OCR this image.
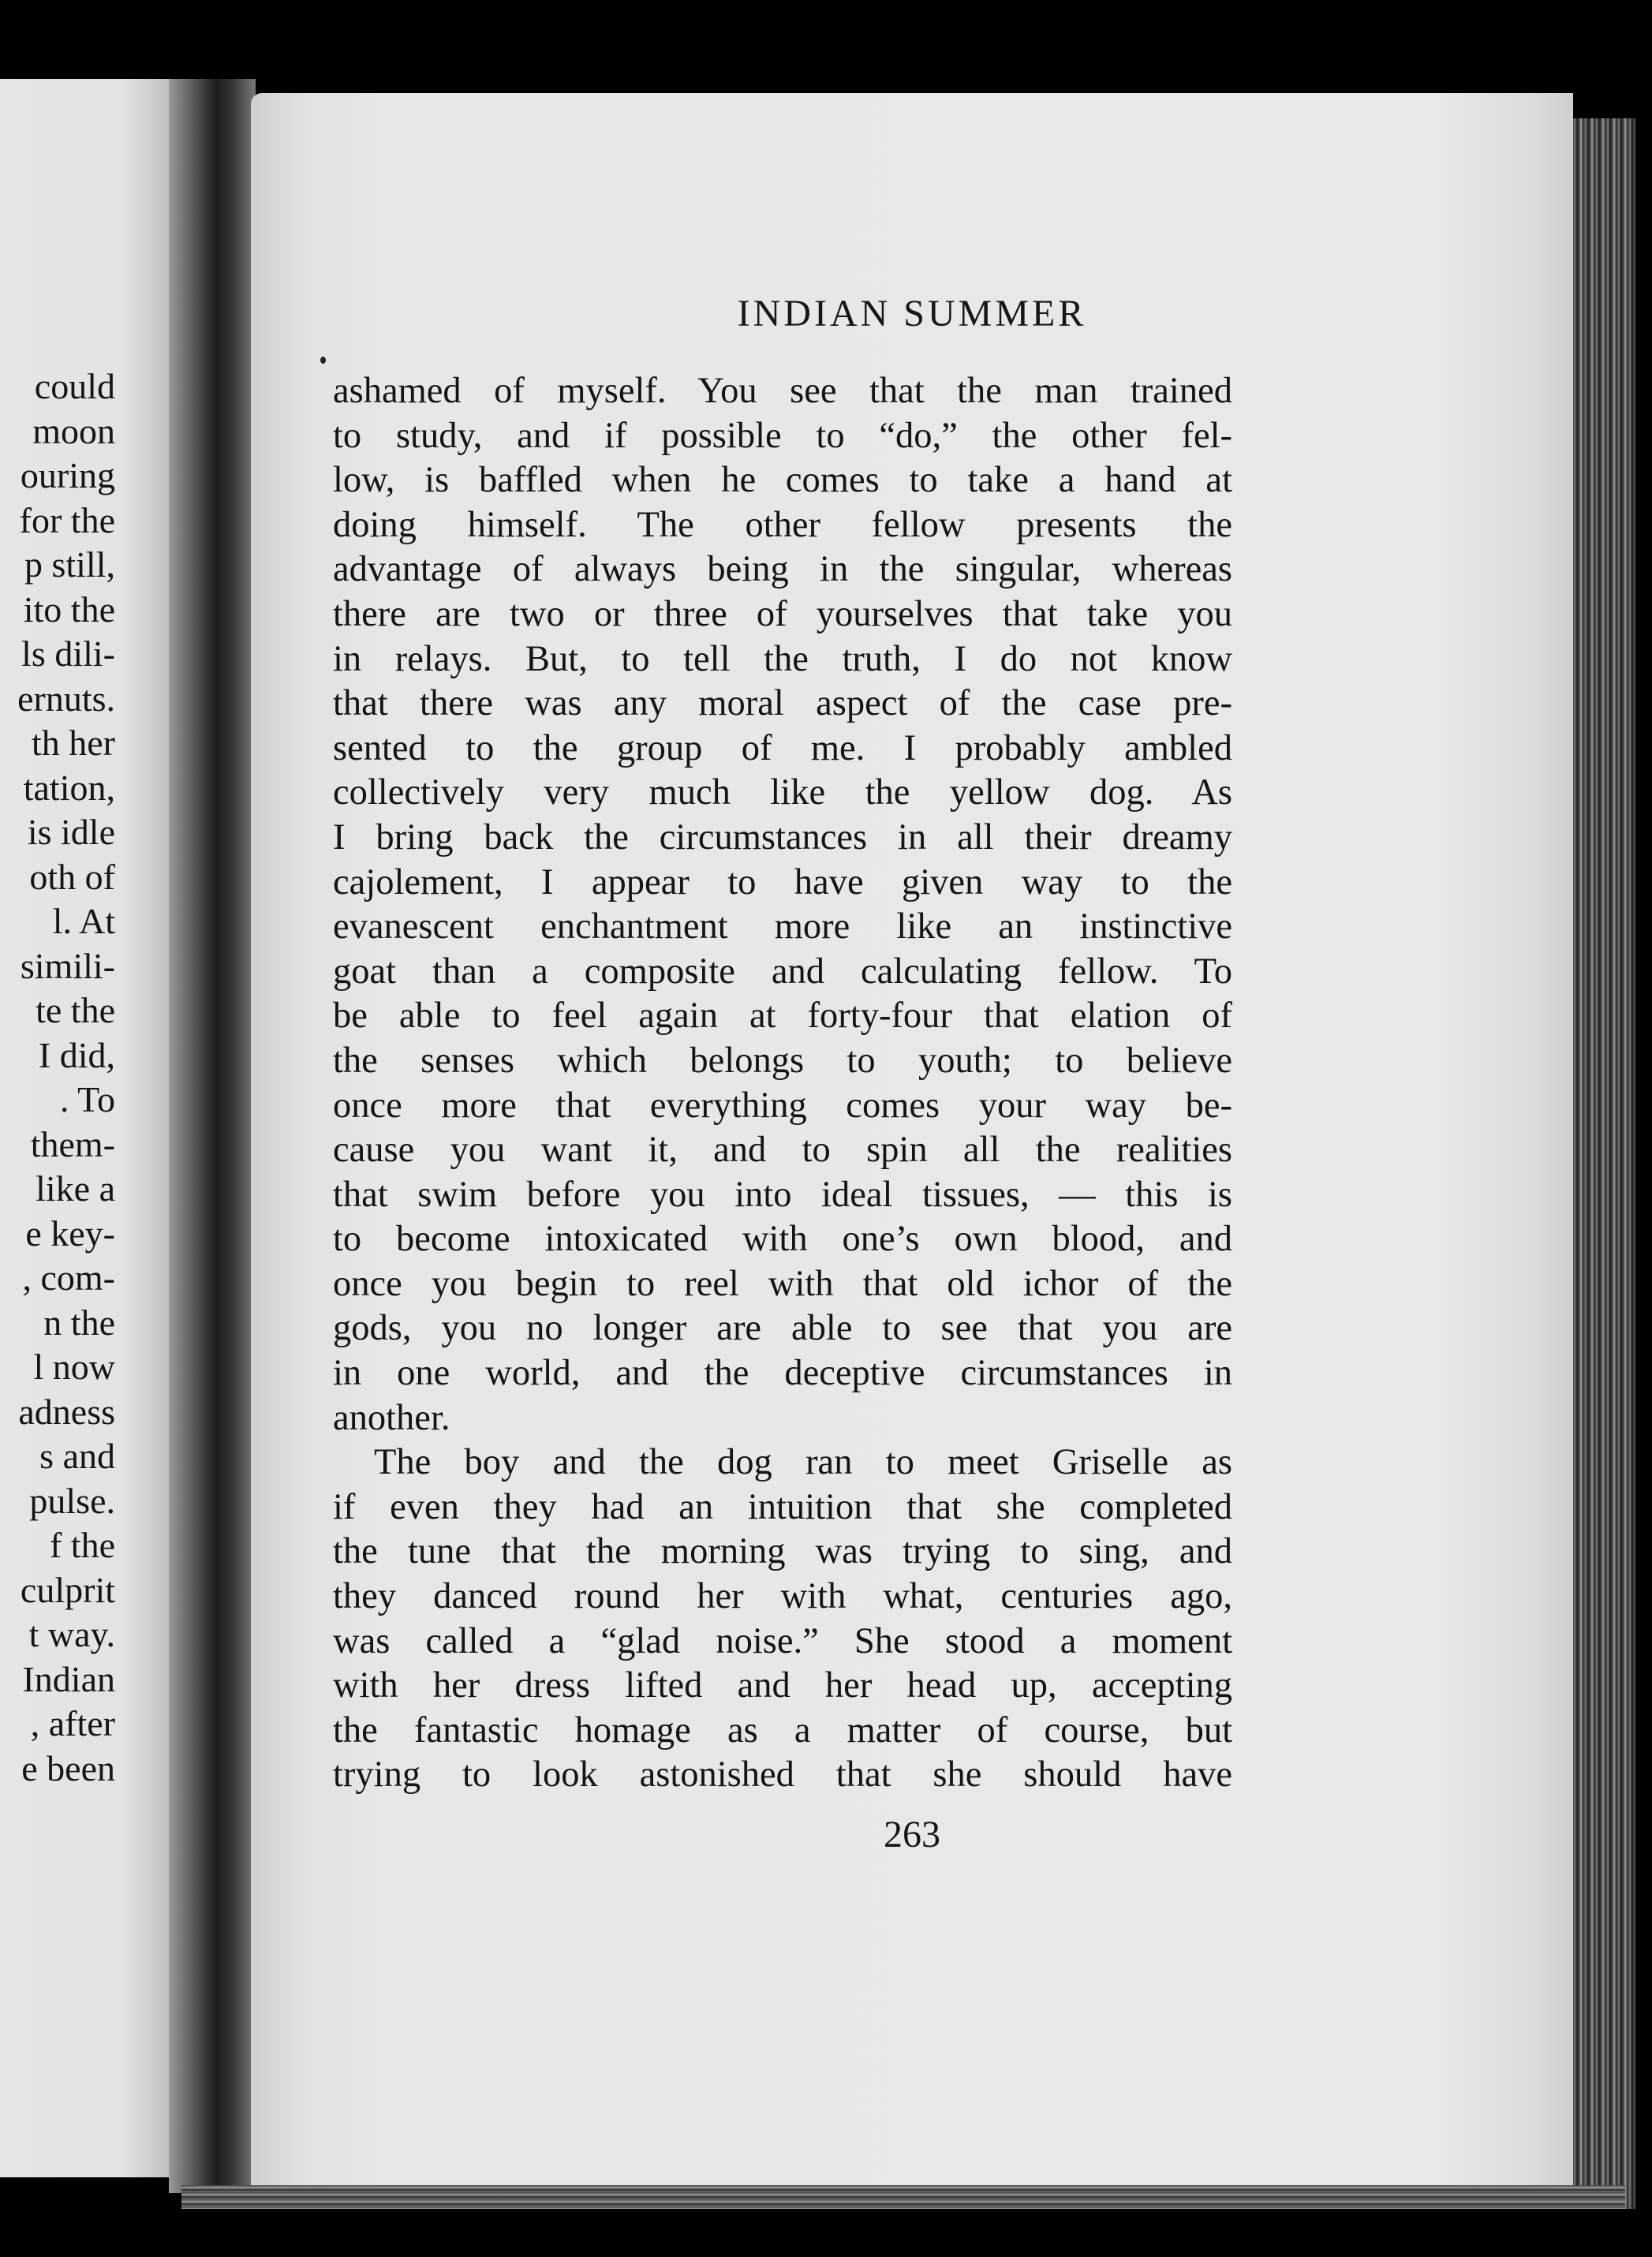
could
moon
ouring
for the
p still,
ito the
ls dili-
ernuts.
th her
tation,
is idle
oth of
l. At
simili-
te the
I did,
. To
them-
like a
e key-
, com-
n the
l now
adness
s and
pulse.
f the
culprit
t way.
Indian
, after
e been
INDIAN SUMMER
ashamed of myself. You see that the man trained
to study, and if possible to “do,” the other fel-
low, is baffled when he comes to take a hand at
doing himself. The other fellow presents the
advantage of always being in the singular, whereas
there are two or three of yourselves that take you
in relays. But, to tell the truth, I do not know
that there was any moral aspect of the case pre-
sented to the group of me. I probably ambled
collectively very much like the yellow dog. As
I bring back the circumstances in all their dreamy
cajolement, I appear to have given way to the
evanescent enchantment more like an instinctive
goat than a composite and calculating fellow. To
be able to feel again at forty-four that elation of
the senses which belongs to youth; to believe
once more that everything comes your way be-
cause you want it, and to spin all the realities
that swim before you into ideal tissues, — this is
to become intoxicated with one’s own blood, and
once you begin to reel with that old ichor of the
gods, you no longer are able to see that you are
in one world, and the deceptive circumstances in
another.
The boy and the dog ran to meet Griselle as
if even they had an intuition that she completed
the tune that the morning was trying to sing, and
they danced round her with what, centuries ago,
was called a “glad noise.” She stood a moment
with her dress lifted and her head up, accepting
the fantastic homage as a matter of course, but
trying to look astonished that she should have
263
